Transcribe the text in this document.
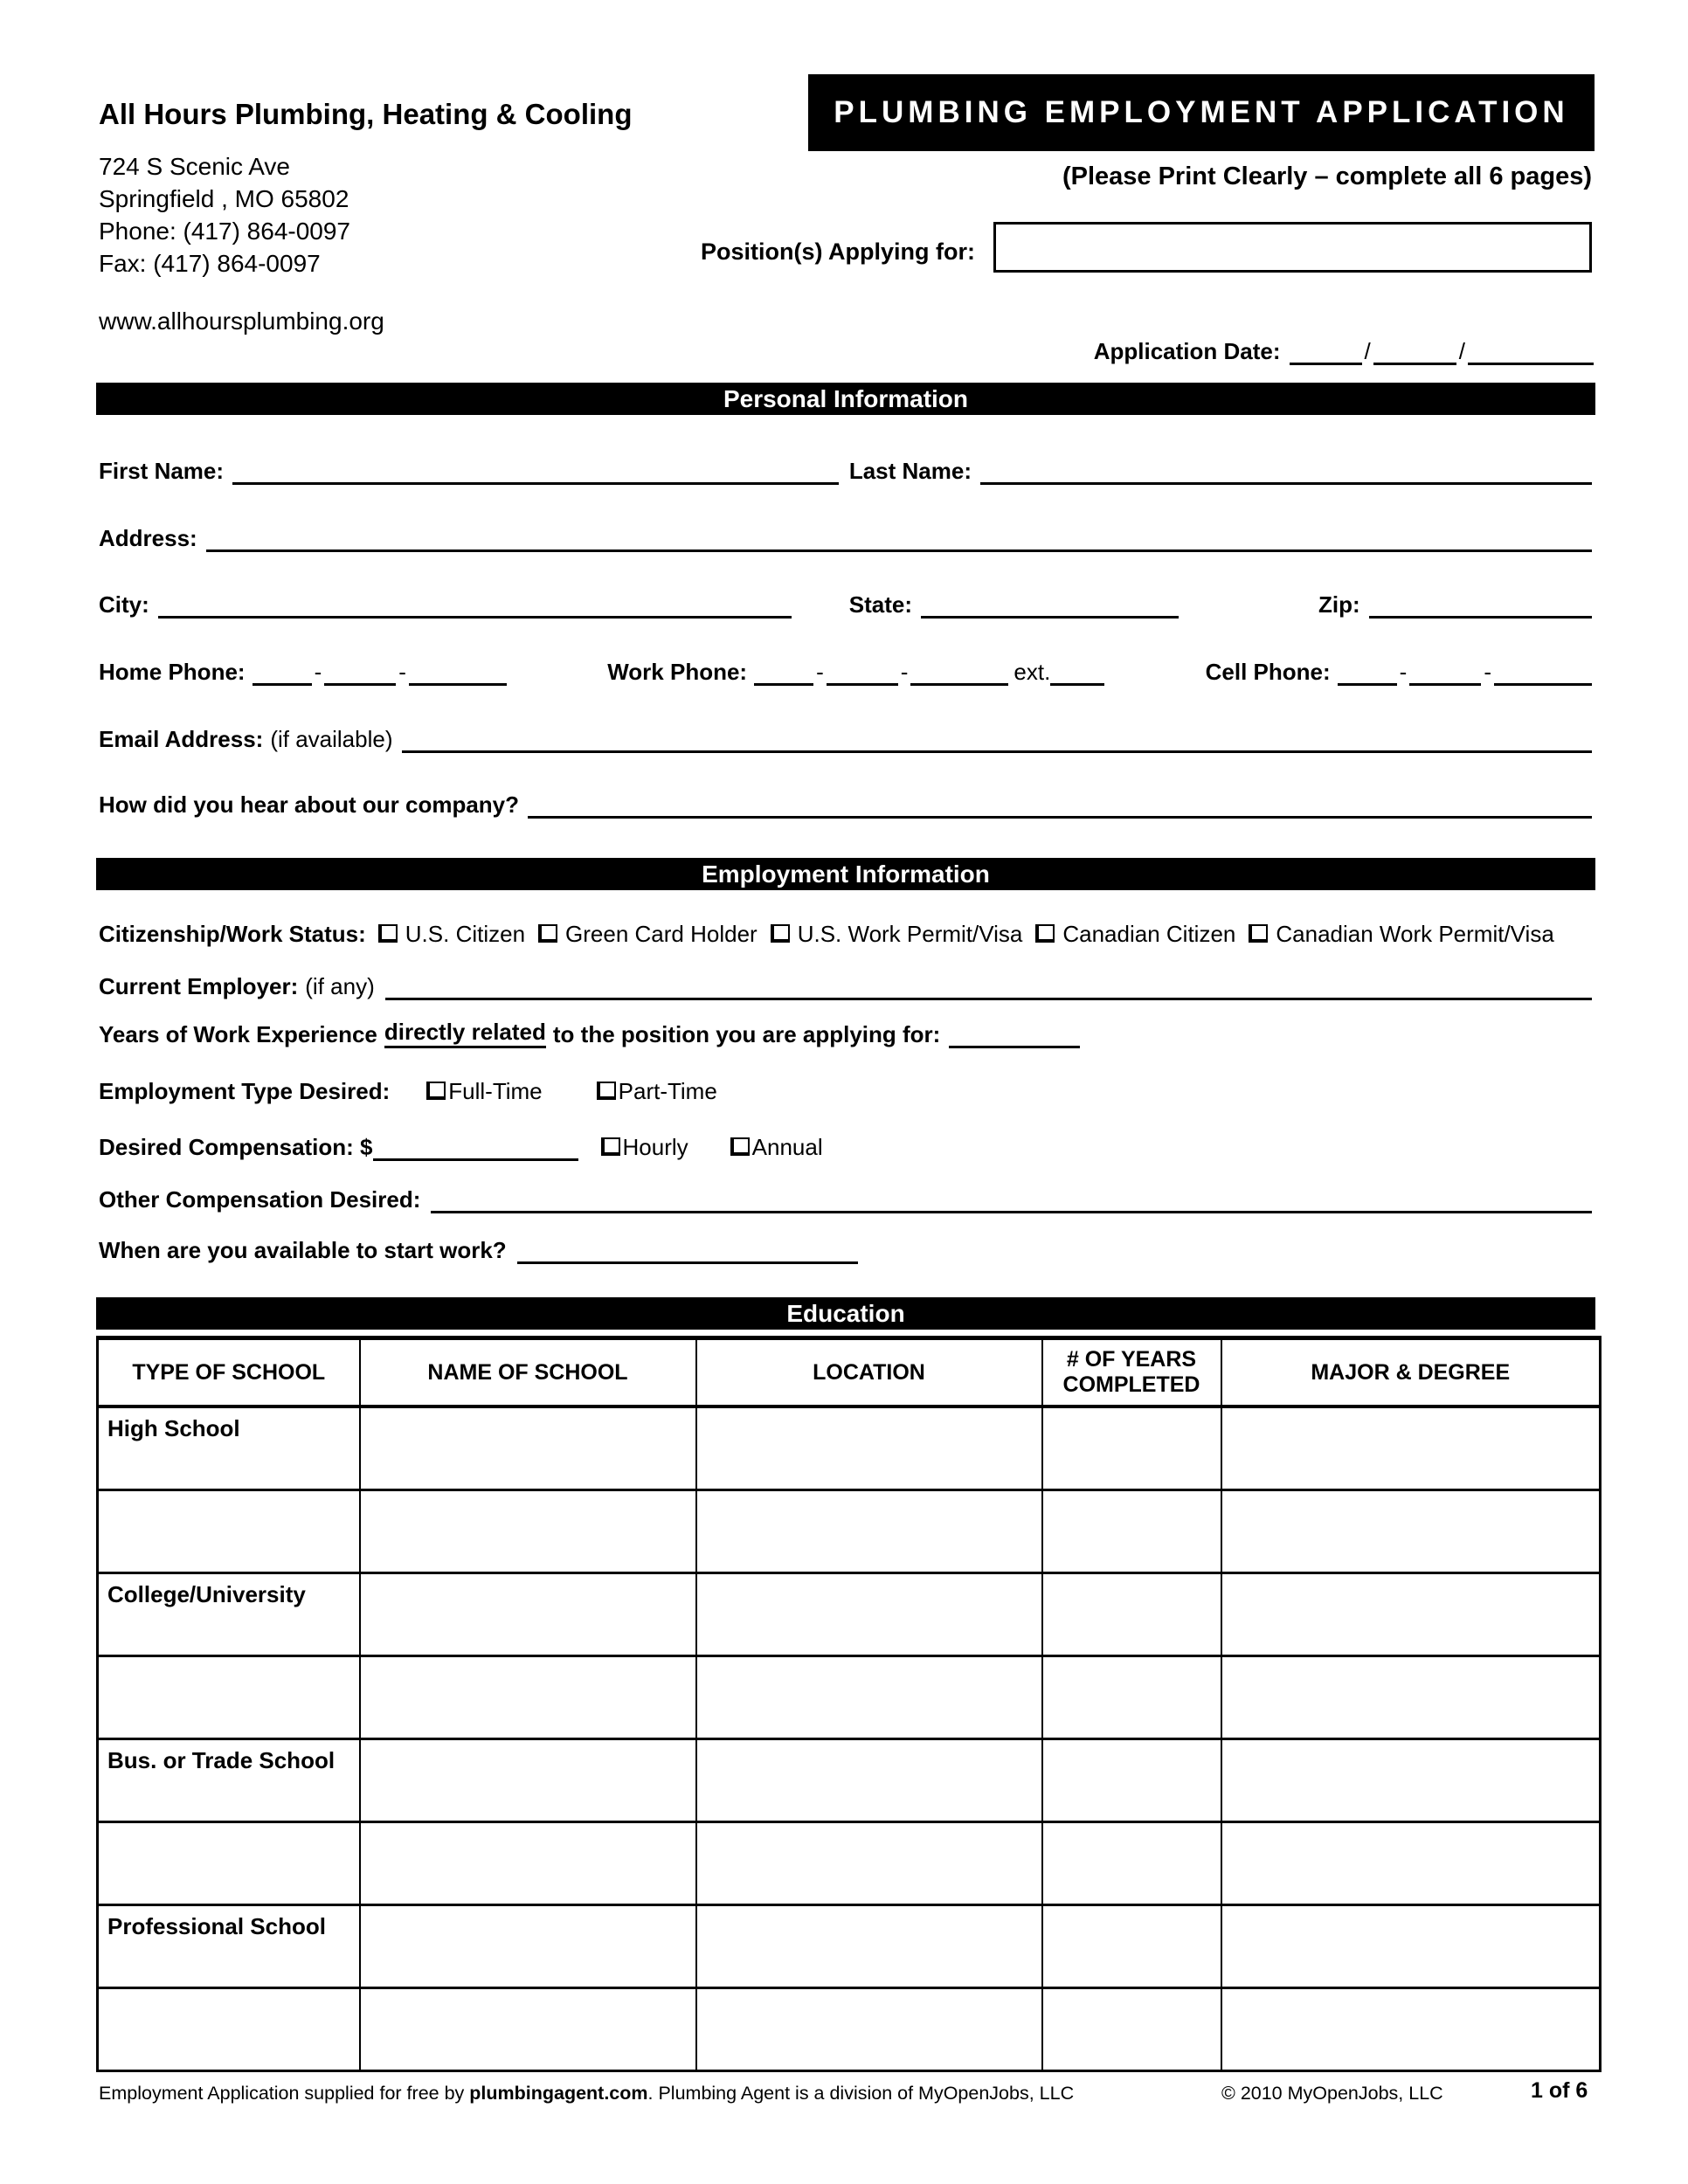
All Hours Plumbing, Heating & Cooling
724 S Scenic Ave
Springfield , MO 65802
Phone: (417) 864-0097
Fax: (417) 864-0097
www.allhoursplumbing.org
PLUMBING EMPLOYMENT APPLICATION
(Please Print Clearly – complete all 6 pages)
Position(s) Applying for:
Application Date:	/	/
Personal Information
First Name:	Last Name:
Address:
City:	State:	Zip:
Home Phone:	-	-	Work Phone:	-	-	ext.	Cell Phone:	-	-
Email Address: (if available)
How did you hear about our company?
Employment Information
Citizenship/Work Status:	U.S. Citizen	Green Card Holder	U.S. Work Permit/Visa	Canadian Citizen	Canadian Work Permit/Visa
Current Employer: (if any)
Years of Work Experience directly related to the position you are applying for:
Employment Type Desired:	Full-Time	Part-Time
Desired Compensation: $	Hourly	Annual
Other Compensation Desired:
When are you available to start work?
Education
TYPE OF SCHOOL	NAME OF SCHOOL	LOCATION	# OF YEARS COMPLETED	MAJOR & DEGREE
High School				

College/University				

Bus. or Trade School				

Professional School				

Employment Application supplied for free by plumbingagent.com. Plumbing Agent is a division of MyOpenJobs, LLC	© 2010 MyOpenJobs, LLC	1 of 6
